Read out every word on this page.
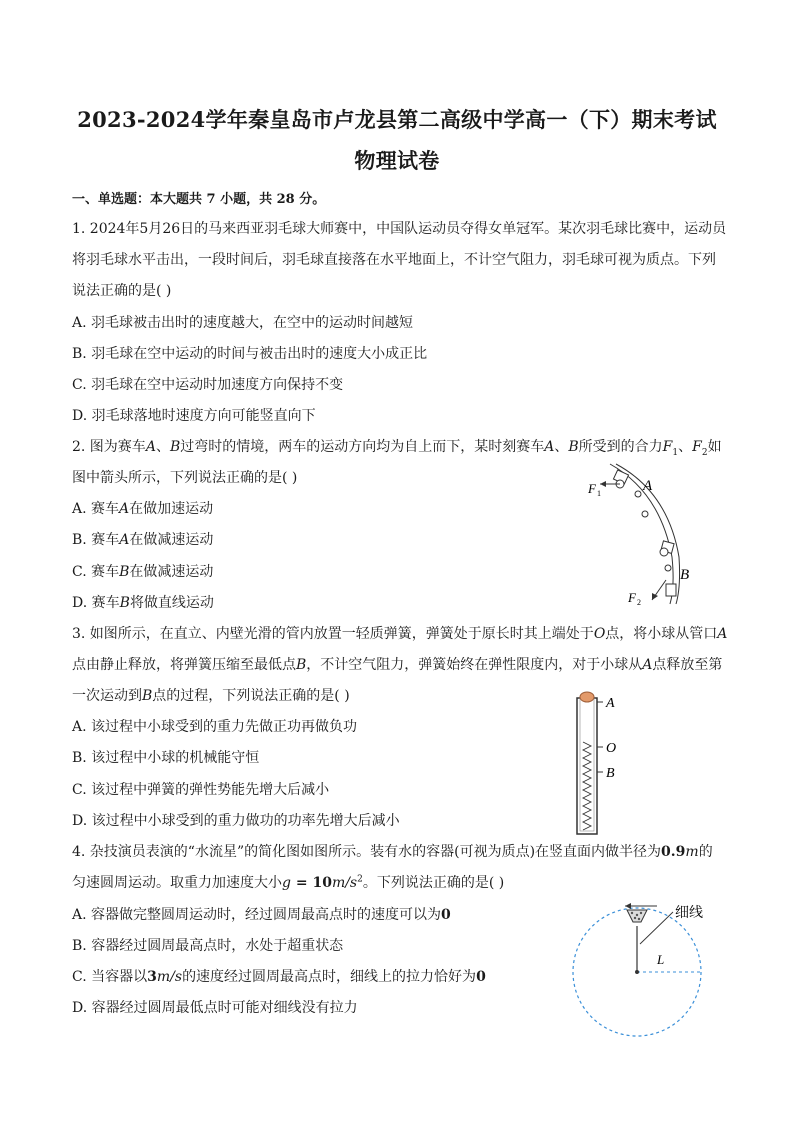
2023-2024学年秦皇岛市卢龙县第二高级中学高一（下）期末考试
物理试卷
一、单选题：本大题共 7 小题，共 28 分。
1. 2024年5月26日的马来西亚羽毛球大师赛中，中国队运动员夺得女单冠军。某次羽毛球比赛中，运动员
将羽毛球水平击出，一段时间后，羽毛球直接落在水平地面上，不计空气阻力，羽毛球可视为质点。下列
说法正确的是( )
A. 羽毛球被击出时的速度越大，在空中的运动时间越短
B. 羽毛球在空中运动的时间与被击出时的速度大小成正比
C. 羽毛球在空中运动时加速度方向保持不变
D. 羽毛球落地时速度方向可能竖直向下
2. 图为赛车A、B过弯时的情境，两车的运动方向均为自上而下，某时刻赛车A、B所受到的合力$F_1$、$F_2$如
图中箭头所示，下列说法正确的是( )
A. 赛车A在做加速运动
B. 赛车A在做减速运动
C. 赛车B在做减速运动
D. 赛车B将做直线运动
A
B
F 1
F 2
3. 如图所示，在直立、内壁光滑的管内放置一轻质弹簧，弹簧处于原长时其上端处于O点，将小球从管口A
点由静止释放，将弹簧压缩至最低点B，不计空气阻力，弹簧始终在弹性限度内，对于小球从A点释放至第
一次运动到B点的过程，下列说法正确的是( )
A. 该过程中小球受到的重力先做正功再做负功
B. 该过程中小球的机械能守恒
C. 该过程中弹簧的弹性势能先增大后减小
D. 该过程中小球受到的重力做功的功率先增大后减小
A
O
B
4. 杂技演员表演的“水流星”的简化图如图所示。装有水的容器(可视为质点)在竖直面内做半径为0.9m的
匀速圆周运动。取重力加速度大小$g = 10m/s^2$。下列说法正确的是( )
A. 容器做完整圆周运动时，经过圆周最高点时的速度可以为0
B. 容器经过圆周最高点时，水处于超重状态
C. 当容器以3m/s的速度经过圆周最高点时，细线上的拉力恰好为0
D. 容器经过圆周最低点时可能对细线没有拉力
细线
L
